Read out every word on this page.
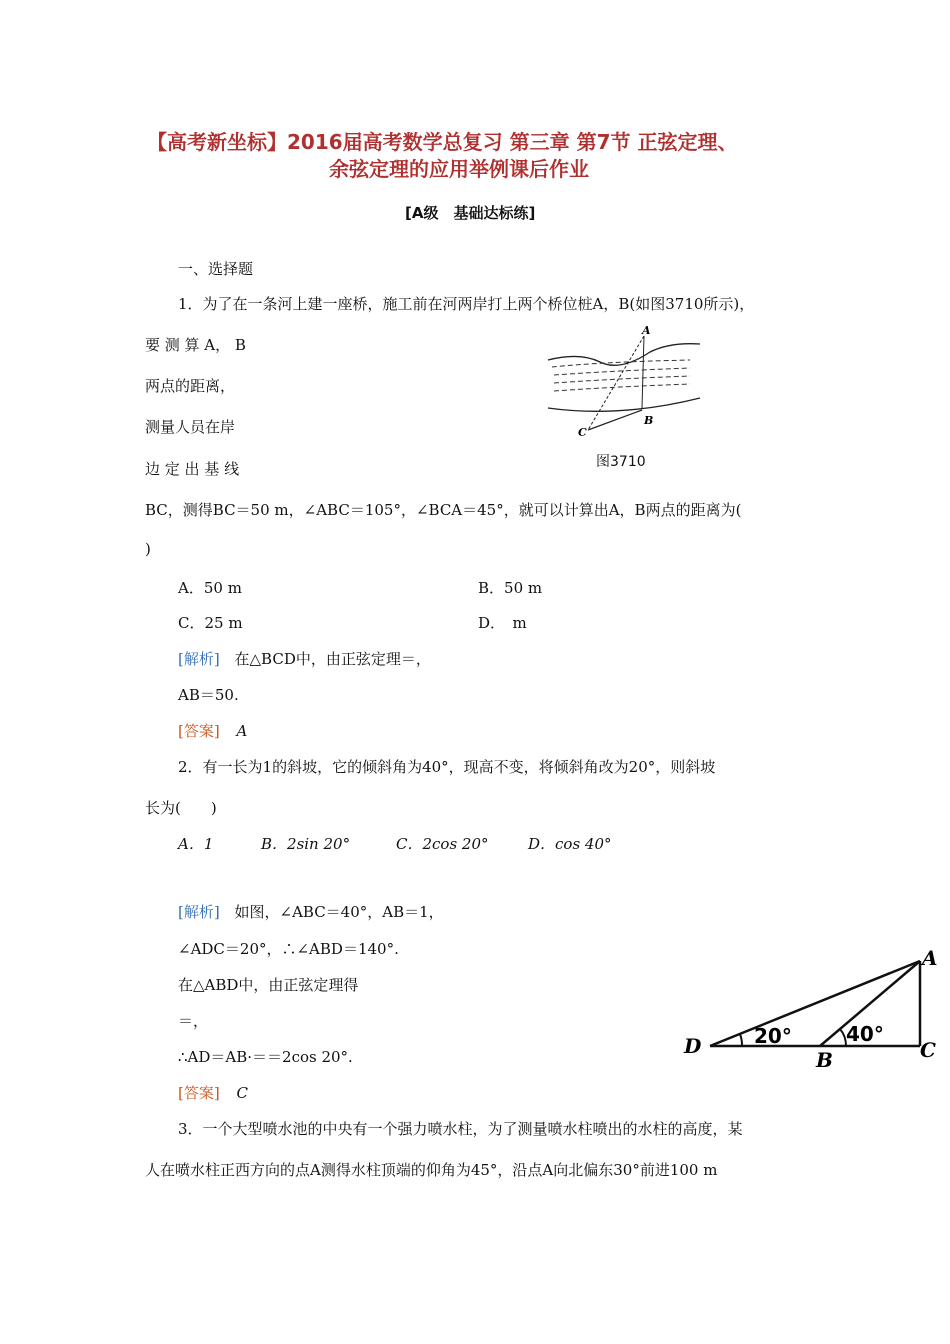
【高考新坐标】2016届高考数学总复习 第三章 第7节 正弦定理、
余弦定理的应用举例课后作业
[A级　基础达标练]
一、选择题
1．为了在一条河上建一座桥，施工前在河两岸打上两个桥位桩A，B(如图3710所示)，
要 测 算 A， B
两点的距离，
测量人员在岸
边 定 出 基 线
A
B
C
图3710
BC，测得BC＝50 m，∠ABC＝105°，∠BCA＝45°，就可以计算出A，B两点的距离为(
)
A．50 m	B．50 m
C．25 m	D．　m
[解析] 在△BCD中，由正弦定理＝，
AB＝50.
[答案] A
2．有一长为1的斜坡，它的倾斜角为40°，现高不变，将倾斜角改为20°，则斜坡
长为(　　)
A．1	B．2sin 20°	C．2cos 20°	D．cos 40°
[解析] 如图，∠ABC＝40°，AB＝1，
∠ADC＝20°，∴∠ABD＝140°.
在△ABD中，由正弦定理得
＝，
∴AD＝AB·＝＝2cos 20°.
[答案] C
20°	40°
A
B	C
D
3．一个大型喷水池的中央有一个强力喷水柱，为了测量喷水柱喷出的水柱的高度，某
人在喷水柱正西方向的点A测得水柱顶端的仰角为45°，沿点A向北偏东30°前进100 m
